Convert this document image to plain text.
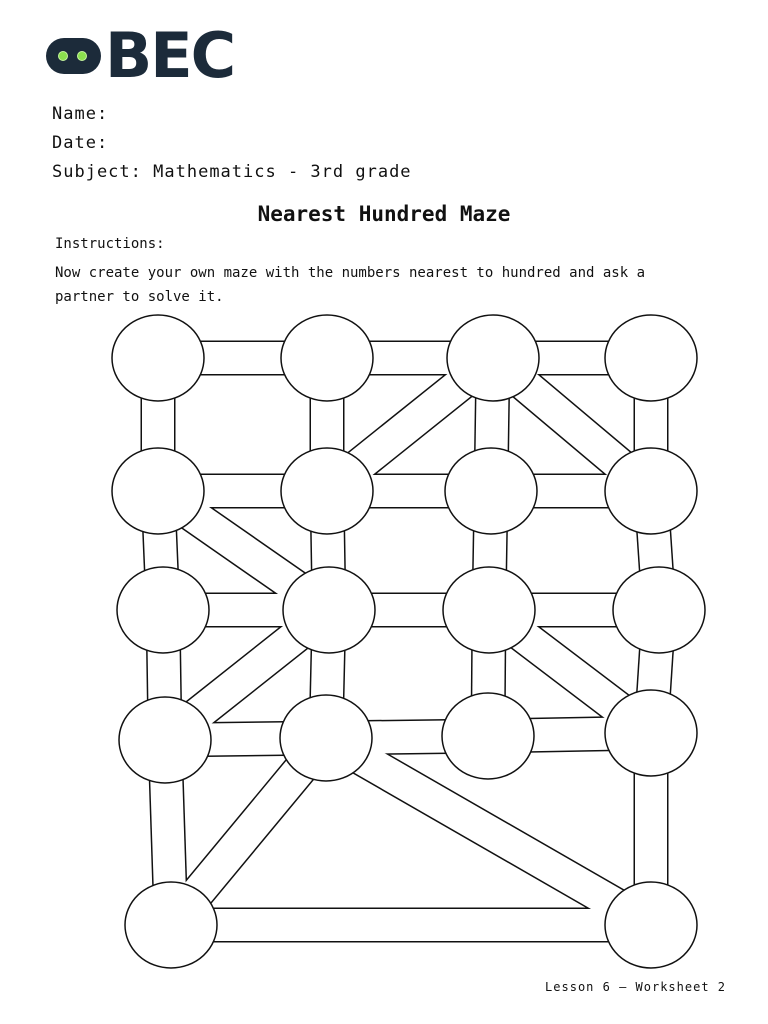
BEC
Name:
Date:
Subject: Mathematics - 3rd grade
Nearest Hundred Maze
Instructions:
Now create your own maze with the numbers nearest to hundred and ask a partner to solve it.
Lesson 6 — Worksheet 2
